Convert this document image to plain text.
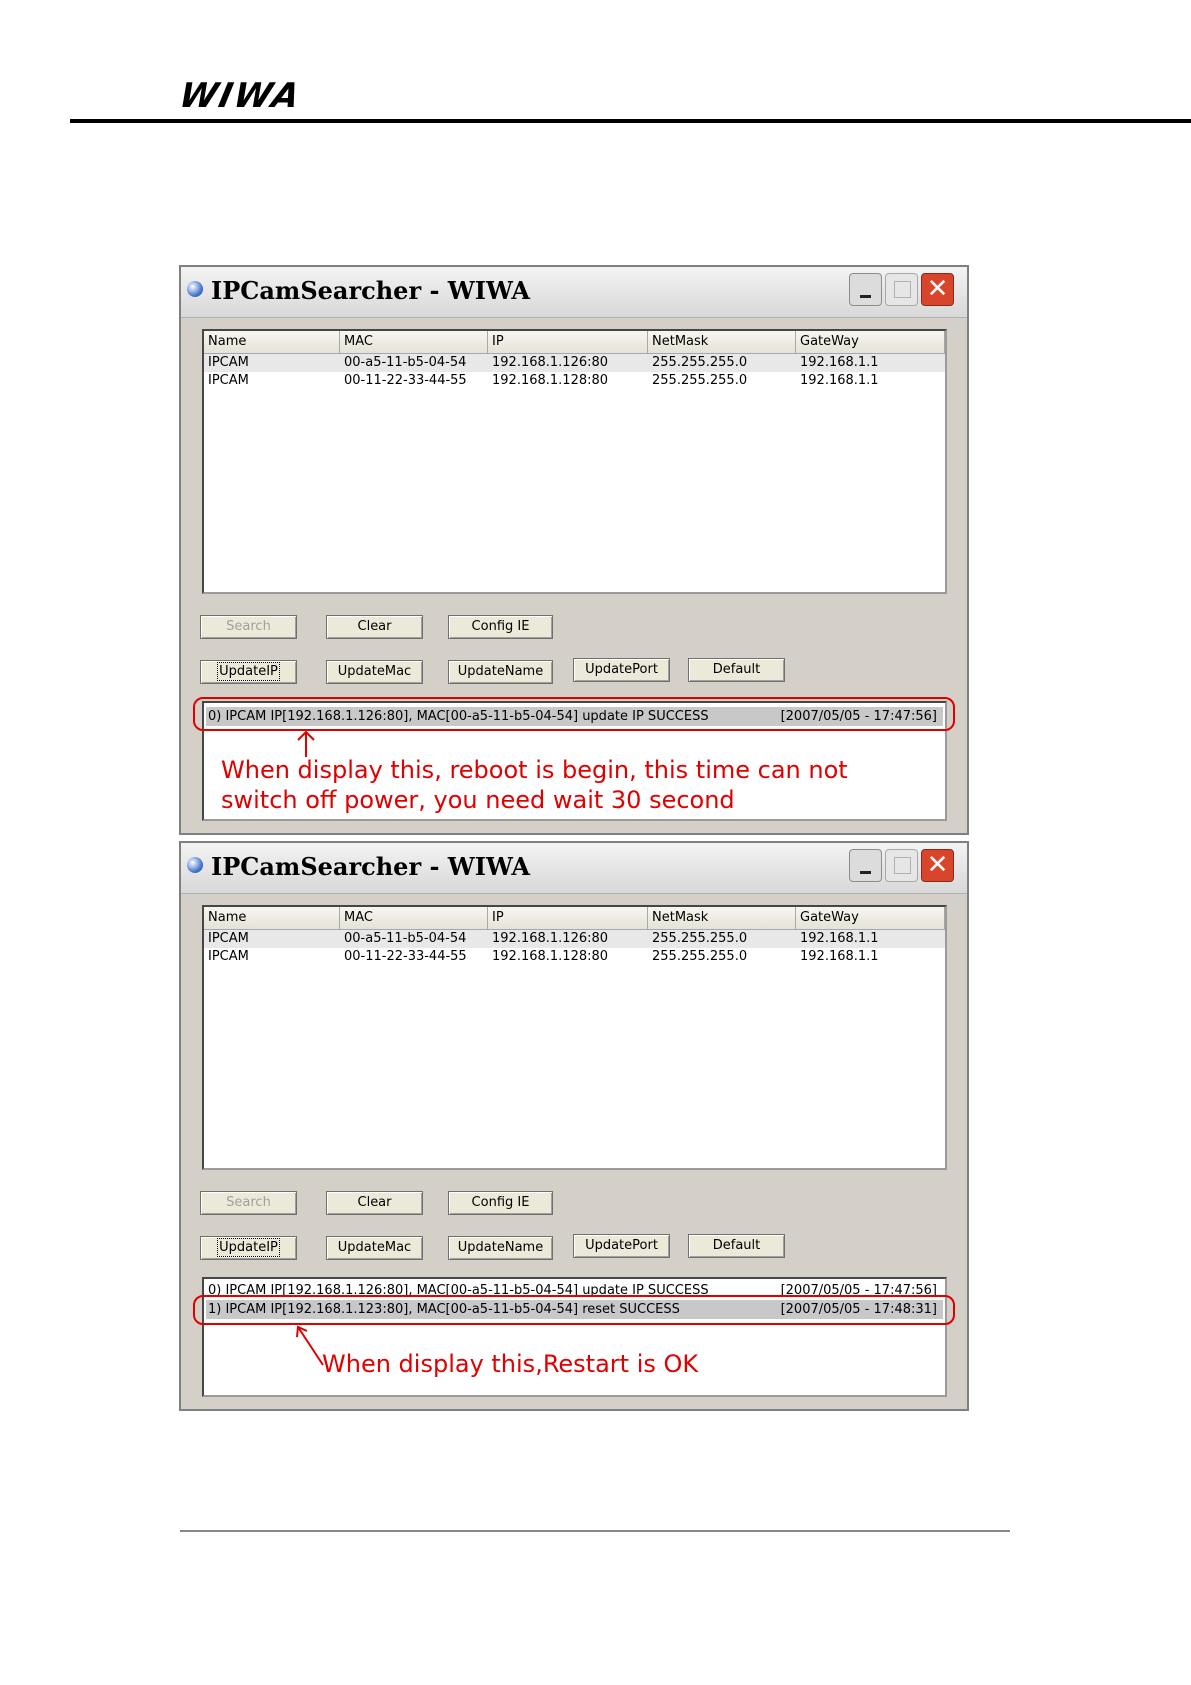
WIWA
IPCamSearcher - WIWA	✕
Name	MAC	IP	NetMask	GateWay
IPCAM	00-a5-11-b5-04-54	192.168.1.126:80	255.255.255.0	192.168.1.1
IPCAM	00-11-22-33-44-55	192.168.1.128:80	255.255.255.0	192.168.1.1
Search	Clear	Config IE
UpdateIP	UpdateMac	UpdateName	UpdatePort	Default
0) IPCAM IP[192.168.1.126:80], MAC[00-a5-11-b5-04-54] update IP SUCCESS	[2007/05/05 - 17:47:56]
When display this, reboot is begin, this time can not
switch off power, you need wait 30 second
IPCamSearcher - WIWA	✕
Name	MAC	IP	NetMask	GateWay
IPCAM	00-a5-11-b5-04-54	192.168.1.126:80	255.255.255.0	192.168.1.1
IPCAM	00-11-22-33-44-55	192.168.1.128:80	255.255.255.0	192.168.1.1
Search	Clear	Config IE
UpdateIP	UpdateMac	UpdateName	UpdatePort	Default
0) IPCAM IP[192.168.1.126:80], MAC[00-a5-11-b5-04-54] update IP SUCCESS	[2007/05/05 - 17:47:56]
1) IPCAM IP[192.168.1.123:80], MAC[00-a5-11-b5-04-54] reset SUCCESS	[2007/05/05 - 17:48:31]
When display this,Restart is OK
